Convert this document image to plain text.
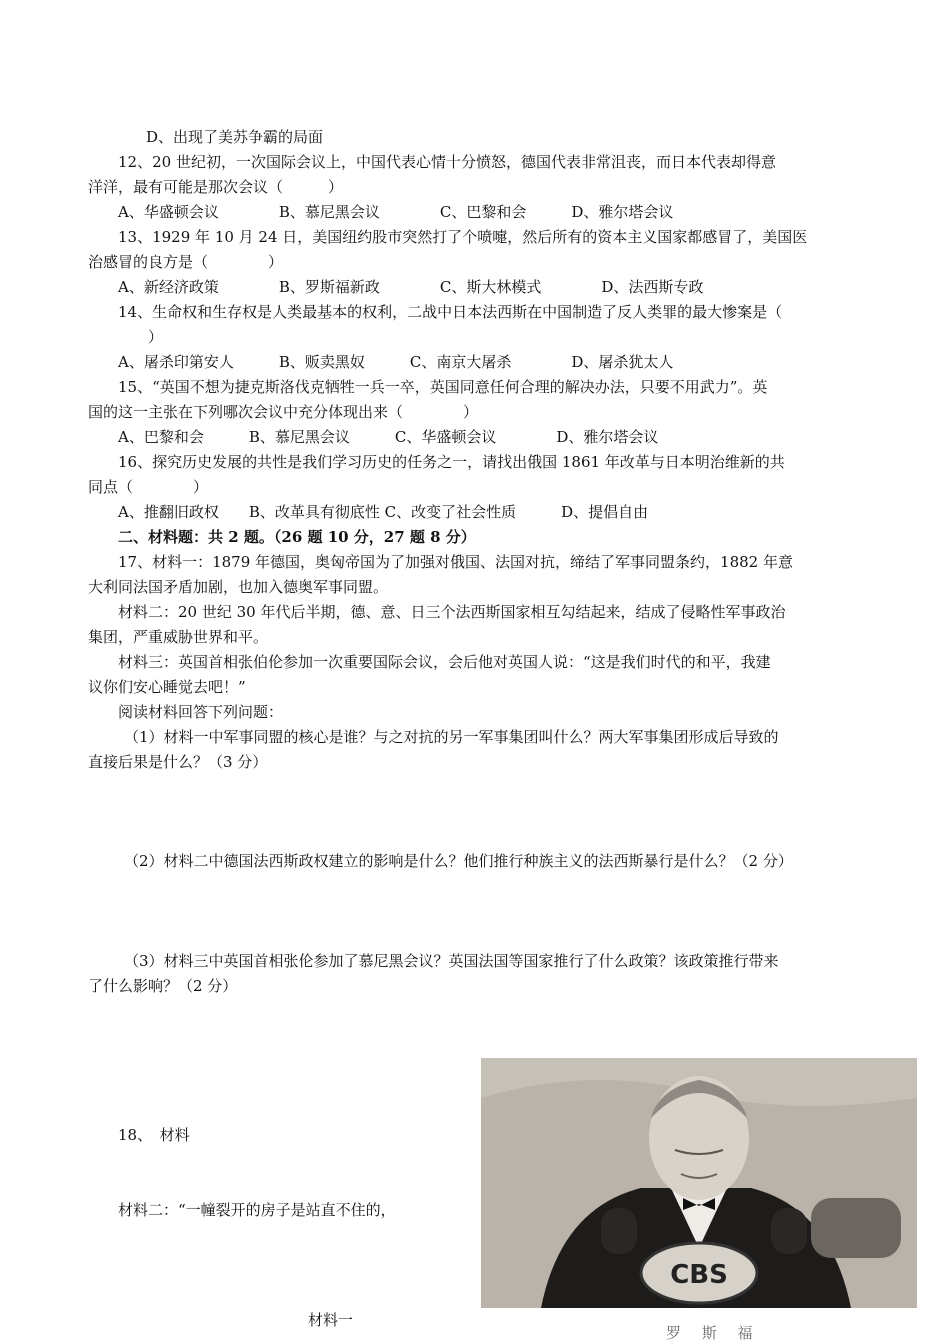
D、出现了美苏争霸的局面
12、20 世纪初，一次国际会议上，中国代表心情十分愤怒，德国代表非常沮丧，而日本代表却得意
洋洋，最有可能是那次会议（　　　）
A、华盛顿会议　　　　B、慕尼黑会议　　　　C、巴黎和会　　　D、雅尔塔会议
13、1929 年 10 月 24 日，美国纽约股市突然打了个喷嚏，然后所有的资本主义国家都感冒了，美国医
治感冒的良方是（　　　　）
A、新经济政策　　　　B、罗斯福新政　　　　C、斯大林模式　　　　D、法西斯专政
14、生命权和生存权是人类最基本的权利，二战中日本法西斯在中国制造了反人类罪的最大惨案是（
）
A、屠杀印第安人　　　B、贩卖黑奴　　　C、南京大屠杀　　　　D、屠杀犹太人
15、“英国不想为捷克斯洛伐克牺牲一兵一卒，英国同意任何合理的解决办法，只要不用武力”。英
国的这一主张在下列哪次会议中充分体现出来（　　　　）
A、巴黎和会　　　B、慕尼黑会议　　　C、华盛顿会议　　　　D、雅尔塔会议
16、探究历史发展的共性是我们学习历史的任务之一，请找出俄国 1861 年改革与日本明治维新的共
同点（　　　　）
A、推翻旧政权　　B、改革具有彻底性 C、改变了社会性质　　　D、提倡自由
二、材料题：共 2 题。（26 题 10 分，27 题 8 分）
17、材料一：1879 年德国，奥匈帝国为了加强对俄国、法国对抗，缔结了军事同盟条约，1882 年意
大利同法国矛盾加剧，也加入德奥军事同盟。
材料二：20 世纪 30 年代后半期，德、意、日三个法西斯国家相互勾结起来，结成了侵略性军事政治
集团，严重威胁世界和平。
材料三：英国首相张伯伦参加一次重要国际会议，会后他对英国人说：“这是我们时代的和平，我建
议你们安心睡觉去吧！”
阅读材料回答下列问题：
（1）材料一中军事同盟的核心是谁？与之对抗的另一军事集团叫什么？两大军事集团形成后导致的
直接后果是什么？（3 分）
（2）材料二中德国法西斯政权建立的影响是什么？他们推行种族主义的法西斯暴行是什么？（2 分）
（3）材料三中英国首相张伦参加了慕尼黑会议？英国法国等国家推行了什么政策？该政策推行带来
了什么影响？（2 分）
18、　材料
材料二：“一幢裂开的房子是站直不住的，
材料一
CBS
罗 斯 福
